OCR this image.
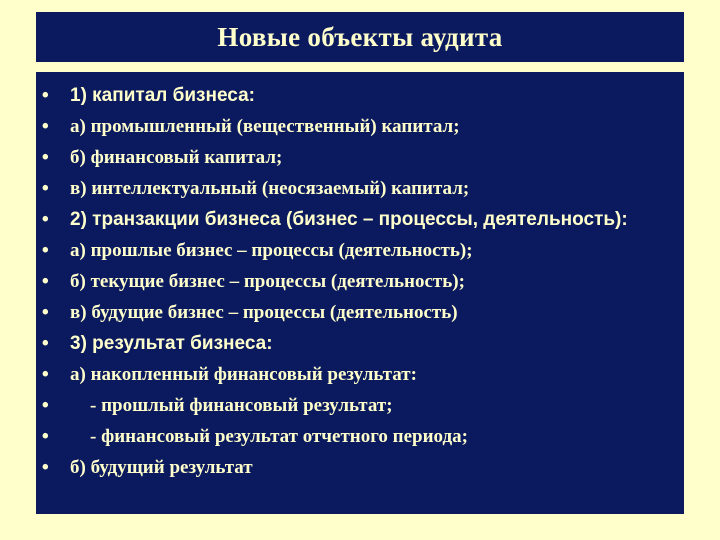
Новые объекты аудита
• 1) капитал бизнеса:
• а) промышленный (вещественный) капитал;
• б) финансовый капитал;
• в) интеллектуальный (неосязаемый) капитал;
• 2) транзакции бизнеса (бизнес – процессы, деятельность):
• а) прошлые бизнес – процессы (деятельность);
• б) текущие бизнес – процессы (деятельность);
• в) будущие бизнес – процессы (деятельность)
• 3) результат бизнеса:
• а) накопленный финансовый результат:
• - прошлый финансовый результат;
• - финансовый результат отчетного периода;
• б) будущий результат
